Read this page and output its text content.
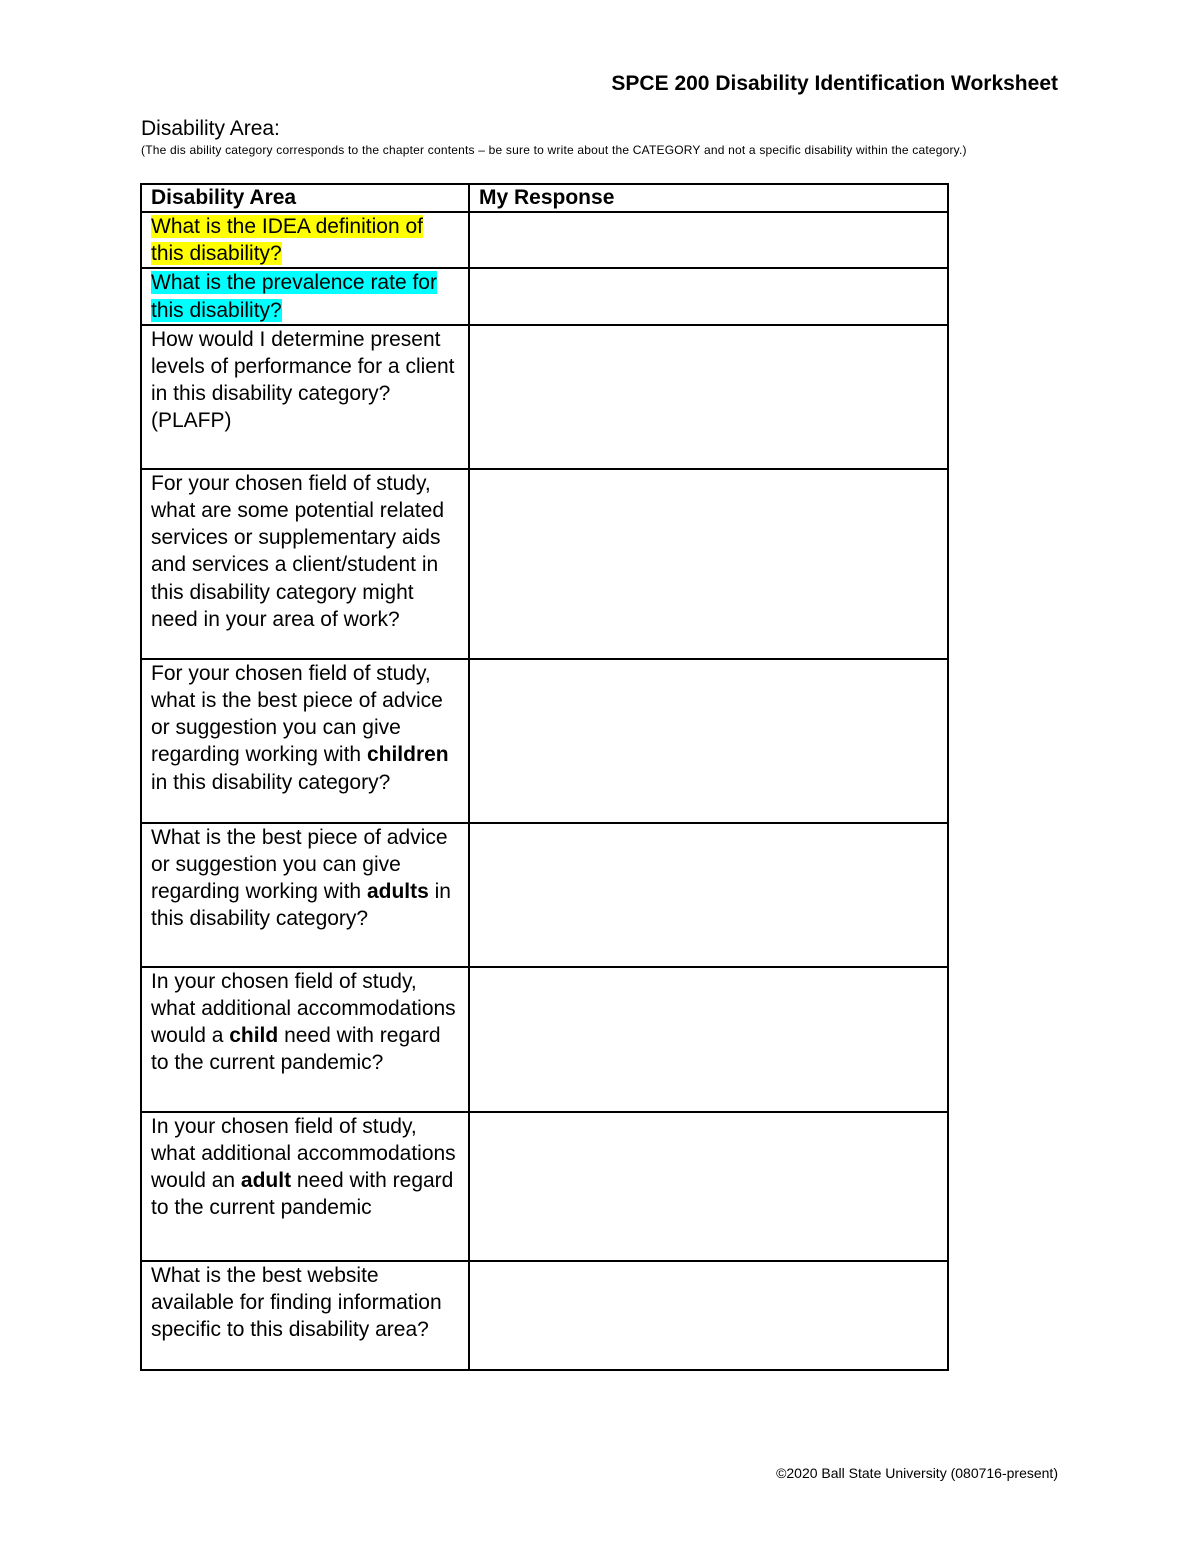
SPCE 200 Disability Identification Worksheet
Disability Area:
(The dis ability category corresponds to the chapter contents – be sure to write about the CATEGORY and not a specific disability within the category.)
Disability Area	My Response
What is the IDEA definition of this disability?	
What is the prevalence rate for this disability?	
How would I determine present levels of performance for a client in this disability category? (PLAFP)	
For your chosen field of study, what are some potential related services or supplementary aids and services a client/student in this disability category might need in your area of work?	
For your chosen field of study, what is the best piece of advice or suggestion you can give regarding working with children in this disability category?	
What is the best piece of advice or suggestion you can give regarding working with adults in this disability category?	
In your chosen field of study, what additional accommodations would a child need with regard to the current pandemic?	
In your chosen field of study, what additional accommodations would an adult need with regard to the current pandemic	
What is the best website available for finding information specific to this disability area?	
©2020 Ball State University (080716-present)
